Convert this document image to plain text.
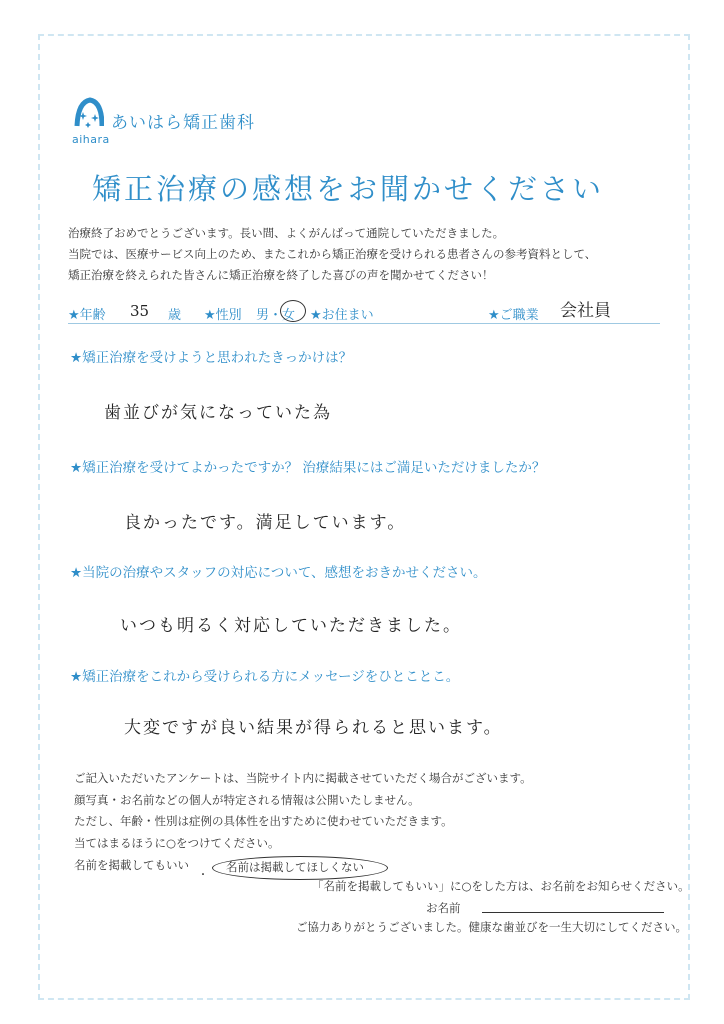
aihara
あいはら矯正歯科
矯正治療の感想をお聞かせください
治療終了おめでとうございます。長い間、よくがんばって通院していただきました。
当院では、医療サービス向上のため、またこれから矯正治療を受けられる患者さんの参考資料として、
矯正治療を終えられた皆さんに矯正治療を終了した喜びの声を聞かせてください！
★年齢 35 歳 ★性別 男・女 ★お住まい	★ご職業 会社員
★矯正治療を受けようと思われたきっかけは？
歯並びが気になっていた為
★矯正治療を受けてよかったですか？ 治療結果にはご満足いただけましたか？
良かったです。満足しています。
★当院の治療やスタッフの対応について、感想をおきかせください。
いつも明るく対応していただきました。
★矯正治療をこれから受けられる方にメッセージをひとことこ。
大変ですが良い結果が得られると思います。
ご記入いただいたアンケートは、当院サイト内に掲載させていただく場合がございます。
顔写真・お名前などの個人が特定される情報は公開いたしません。
ただし、年齢・性別は症例の具体性を出すために使わせていただきます。
当てはまるほうに○をつけてください。
名前を掲載してもいい
・
名前は掲載してほしくない
「名前を掲載してもいい」に○をした方は、お名前をお知らせください。
お名前
ご協力ありがとうございました。健康な歯並びを一生大切にしてください。
